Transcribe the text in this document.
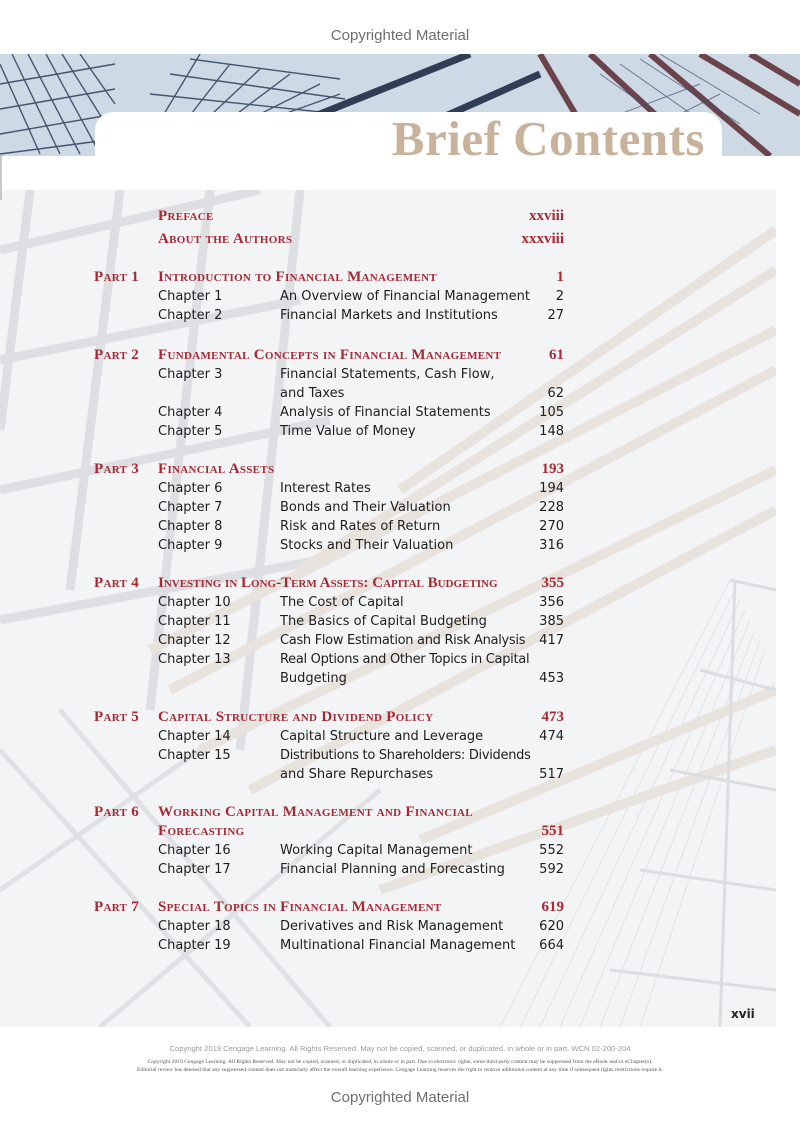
Copyrighted Material
Brief Contents
Preface	xxviii
About the Authors	xxxviii
Part 1 Introduction to Financial Management	1
Chapter 1	An Overview of Financial Management 2
Chapter 2	Financial Markets and Institutions	27
Part 2 Fundamental Concepts in Financial Management	61
Chapter 3	Financial Statements, Cash Flow,
and Taxes	62
Chapter 4	Analysis of Financial Statements	105
Chapter 5	Time Value of Money	148
Part 3 Financial Assets	193
Chapter 6	Interest Rates	194
Chapter 7	Bonds and Their Valuation	228
Chapter 8	Risk and Rates of Return	270
Chapter 9	Stocks and Their Valuation	316
Part 4 Investing in Long-Term Assets: Capital Budgeting	355
Chapter 10	The Cost of Capital	356
Chapter 11	The Basics of Capital Budgeting	385
Chapter 12	Cash Flow Estimation and Risk Analysis 417
Chapter 13	Real Options and Other Topics in Capital
Budgeting	453
Part 5 Capital Structure and Dividend Policy	473
Chapter 14	Capital Structure and Leverage	474
Chapter 15	Distributions to Shareholders: Dividends
and Share Repurchases	517
Part 6 Working Capital Management and Financial
Forecasting	551
Chapter 16	Working Capital Management	552
Chapter 17	Financial Planning and Forecasting	592
Part 7 Special Topics in Financial Management	619
Chapter 18	Derivatives and Risk Management	620
Chapter 19	Multinational Financial Management 664
xvii
Copyright 2019 Cengage Learning. All Rights Reserved. May not be copied, scanned, or duplicated, in whole or in part. WCN 02-200-204
Copyright 2019 Cengage Learning. All Rights Reserved. May not be copied, scanned, or duplicated, in whole or in part. Due to electronic rights, some third party content may be suppressed from the eBook and/or eChapter(s).
Editorial review has deemed that any suppressed content does not materially affect the overall learning experience. Cengage Learning reserves the right to remove additional content at any time if subsequent rights restrictions require it.
Copyrighted Material
